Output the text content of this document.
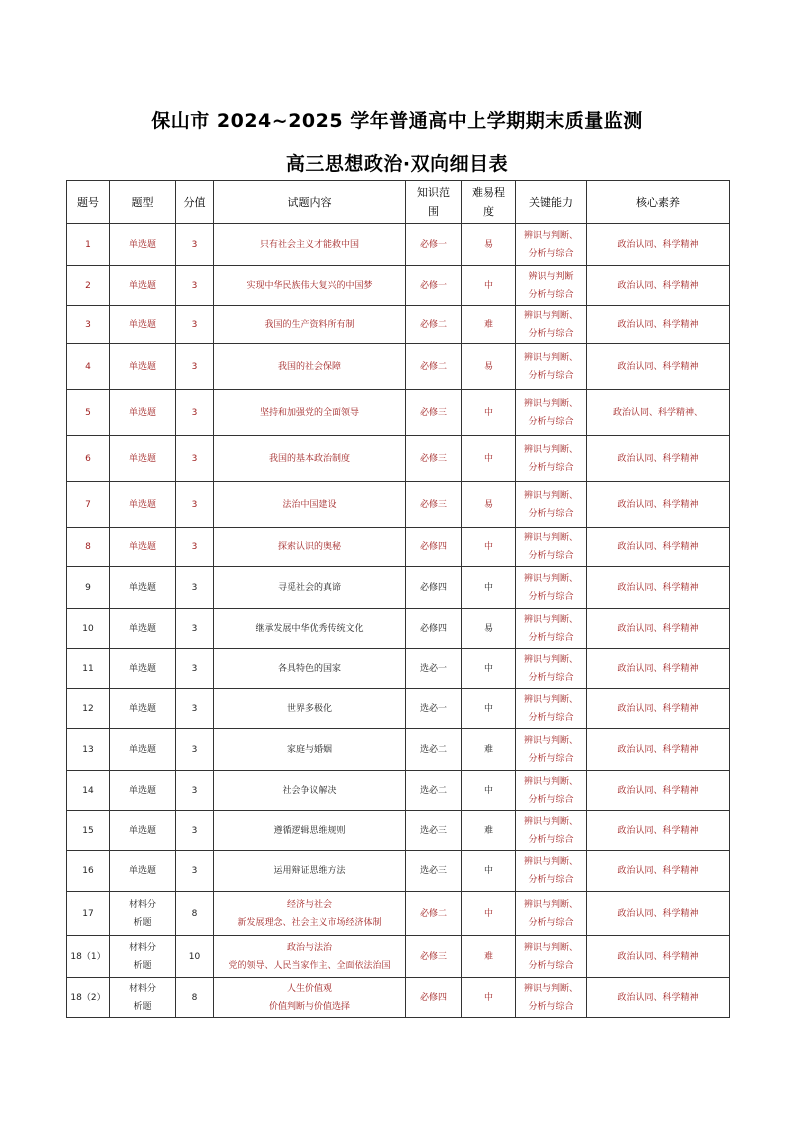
保山市 2024~2025 学年普通高中上学期期末质量监测
高三思想政治·双向细目表
题号	题型	分值	试题内容	知识范
围	难易程
度	关键能力	核心素养
1	单选题	3	只有社会主义才能救中国	必修一	易	辨识与判断、
分析与综合	政治认同、科学精神
2	单选题	3	实现中华民族伟大复兴的中国梦	必修一	中	辨识与判断
分析与综合	政治认同、科学精神
3	单选题	3	我国的生产资料所有制	必修二	难	辨识与判断、
分析与综合	政治认同、科学精神
4	单选题	3	我国的社会保障	必修二	易	辨识与判断、
分析与综合	政治认同、科学精神
5	单选题	3	坚持和加强党的全面领导	必修三	中	辨识与判断、
分析与综合	政治认同、科学精神、
6	单选题	3	我国的基本政治制度	必修三	中	辨识与判断、
分析与综合	政治认同、科学精神
7	单选题	3	法治中国建设	必修三	易	辨识与判断、
分析与综合	政治认同、科学精神
8	单选题	3	探索认识的奥秘	必修四	中	辨识与判断、
分析与综合	政治认同、科学精神
9	单选题	3	寻觅社会的真谛	必修四	中	辨识与判断、
分析与综合	政治认同、科学精神
10	单选题	3	继承发展中华优秀传统文化	必修四	易	辨识与判断、
分析与综合	政治认同、科学精神
11	单选题	3	各具特色的国家	选必一	中	辨识与判断、
分析与综合	政治认同、科学精神
12	单选题	3	世界多极化	选必一	中	辨识与判断、
分析与综合	政治认同、科学精神
13	单选题	3	家庭与婚姻	选必二	难	辨识与判断、
分析与综合	政治认同、科学精神
14	单选题	3	社会争议解决	选必二	中	辨识与判断、
分析与综合	政治认同、科学精神
15	单选题	3	遵循逻辑思维规则	选必三	难	辨识与判断、
分析与综合	政治认同、科学精神
16	单选题	3	运用辩证思维方法	选必三	中	辨识与判断、
分析与综合	政治认同、科学精神
17	材料分
析题	8	经济与社会
新发展理念、社会主义市场经济体制	必修二	中	辨识与判断、
分析与综合	政治认同、科学精神
18（1）	材料分
析题	10	政治与法治
党的领导、人民当家作主、全面依法治国	必修三	难	辨识与判断、
分析与综合	政治认同、科学精神
18（2）	材料分
析题	8	人生价值观
价值判断与价值选择	必修四	中	辨识与判断、
分析与综合	政治认同、科学精神
